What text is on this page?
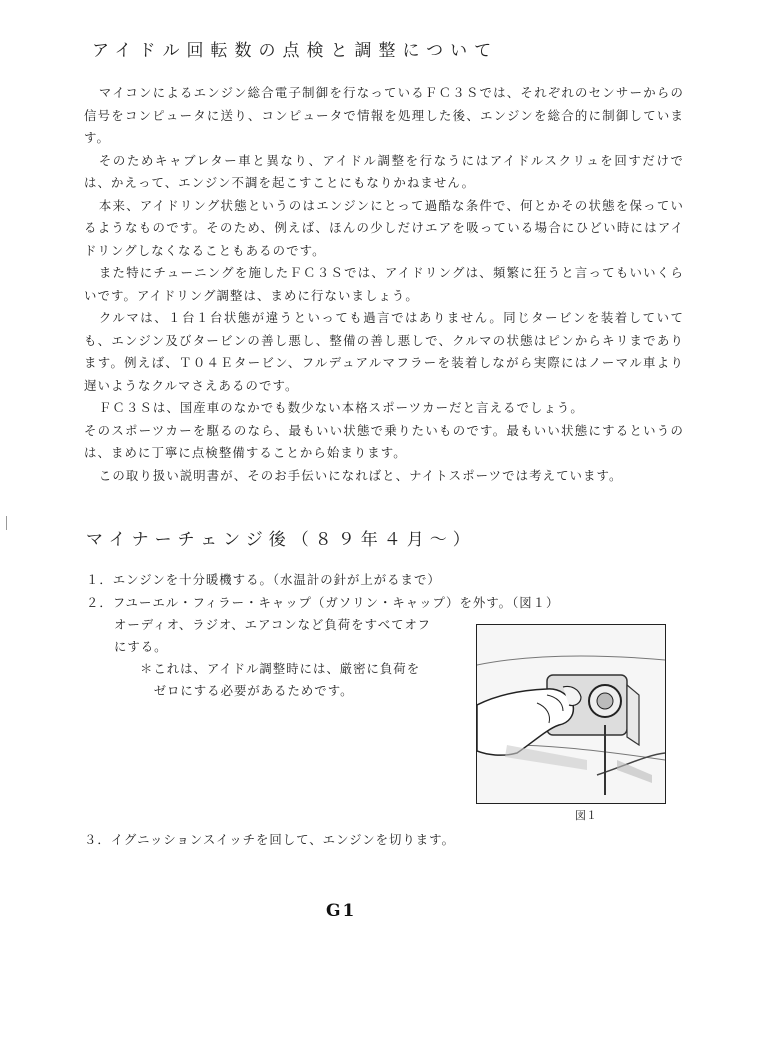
アイドル回転数の点検と調整について

マイコンによるエンジン総合電子制御を行なっているＦＣ３Ｓでは、それぞれのセンサーからの信号をコンピュータに送り、コンピュータで情報を処理した後、エンジンを総合的に制御しています。

そのためキャブレター車と異なり、アイドル調整を行なうにはアイドルスクリュを回すだけでは、かえって、エンジン不調を起こすことにもなりかねません。

本来、アイドリング状態というのはエンジンにとって過酷な条件で、何とかその状態を保っているようなものです。そのため、例えば、ほんの少しだけエアを吸っている場合にひどい時にはアイドリングしなくなることもあるのです。

また特にチューニングを施したＦＣ３Ｓでは、アイドリングは、頻繁に狂うと言ってもいいくらいです。アイドリング調整は、まめに行ないましょう。

クルマは、１台１台状態が違うといっても過言ではありません。同じタービンを装着していても、エンジン及びタービンの善し悪し、整備の善し悪しで、クルマの状態はピンからキリまであります。例えば、Ｔ０４Ｅタービン、フルデュアルマフラーを装着しながら実際にはノーマル車より遅いようなクルマさえあるのです。

ＦＣ３Ｓは、国産車のなかでも数少ない本格スポーツカーだと言えるでしょう。

そのスポーツカーを駆るのなら、最もいい状態で乗りたいものです。最もいい状態にするというのは、まめに丁寧に点検整備することから始まります。

この取り扱い説明書が、そのお手伝いになればと、ナイトスポーツでは考えています。

マイナーチェンジ後（８９年４月〜）
１．エンジンを十分暖機する。（水温計の針が上がるまで）
２．フユーエル・フィラー・キャップ（ガソリン・キャップ）を外す。（図１）
オーディオ、ラジオ、エアコンなど負荷をすべてオフにする。
＊これは、アイドル調整時には、厳密に負荷を
ゼロにする必要があるためです。
図１
３．イグニッションスイッチを回して、エンジンを切ります。
G1
